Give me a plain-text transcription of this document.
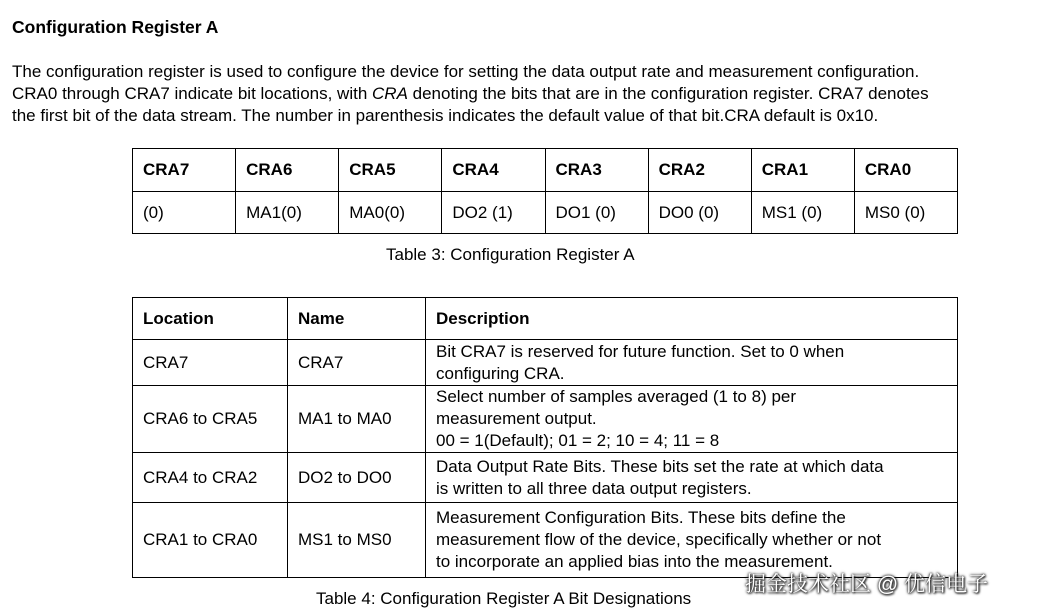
Configuration Register A

The configuration register is used to configure the device for setting the data output rate and measurement configuration.
CRA0 through CRA7 indicate bit locations, with CRA denoting the bits that are in the configuration register. CRA7 denotes
the first bit of the data stream. The number in parenthesis indicates the default value of that bit.CRA default is 0x10.

CRA7	CRA6	CRA5	CRA4	CRA3	CRA2	CRA1	CRA0
(0)	MA1(0)	MA0(0)	DO2 (1)	DO1 (0)	DO0 (0)	MS1 (0)	MS0 (0)
Table 3: Configuration Register A
Location	Name	Description
CRA7	CRA7	Bit CRA7 is reserved for future function. Set to 0 when
configuring CRA.

CRA6 to CRA5	MA1 to MA0	Select number of samples averaged (1 to 8) per
measurement output.
00 = 1(Default); 01 = 2; 10 = 4; 11 = 8

CRA4 to CRA2	DO2 to DO0	Data Output Rate Bits. These bits set the rate at which data
is written to all three data output registers.

CRA1 to CRA0	MS1 to MS0	Measurement Configuration Bits. These bits define the
measurement flow of the device, specifically whether or not
to incorporate an applied bias into the measurement.
Table 4: Configuration Register A Bit Designations
掘金技术社区 @ 优信电子
